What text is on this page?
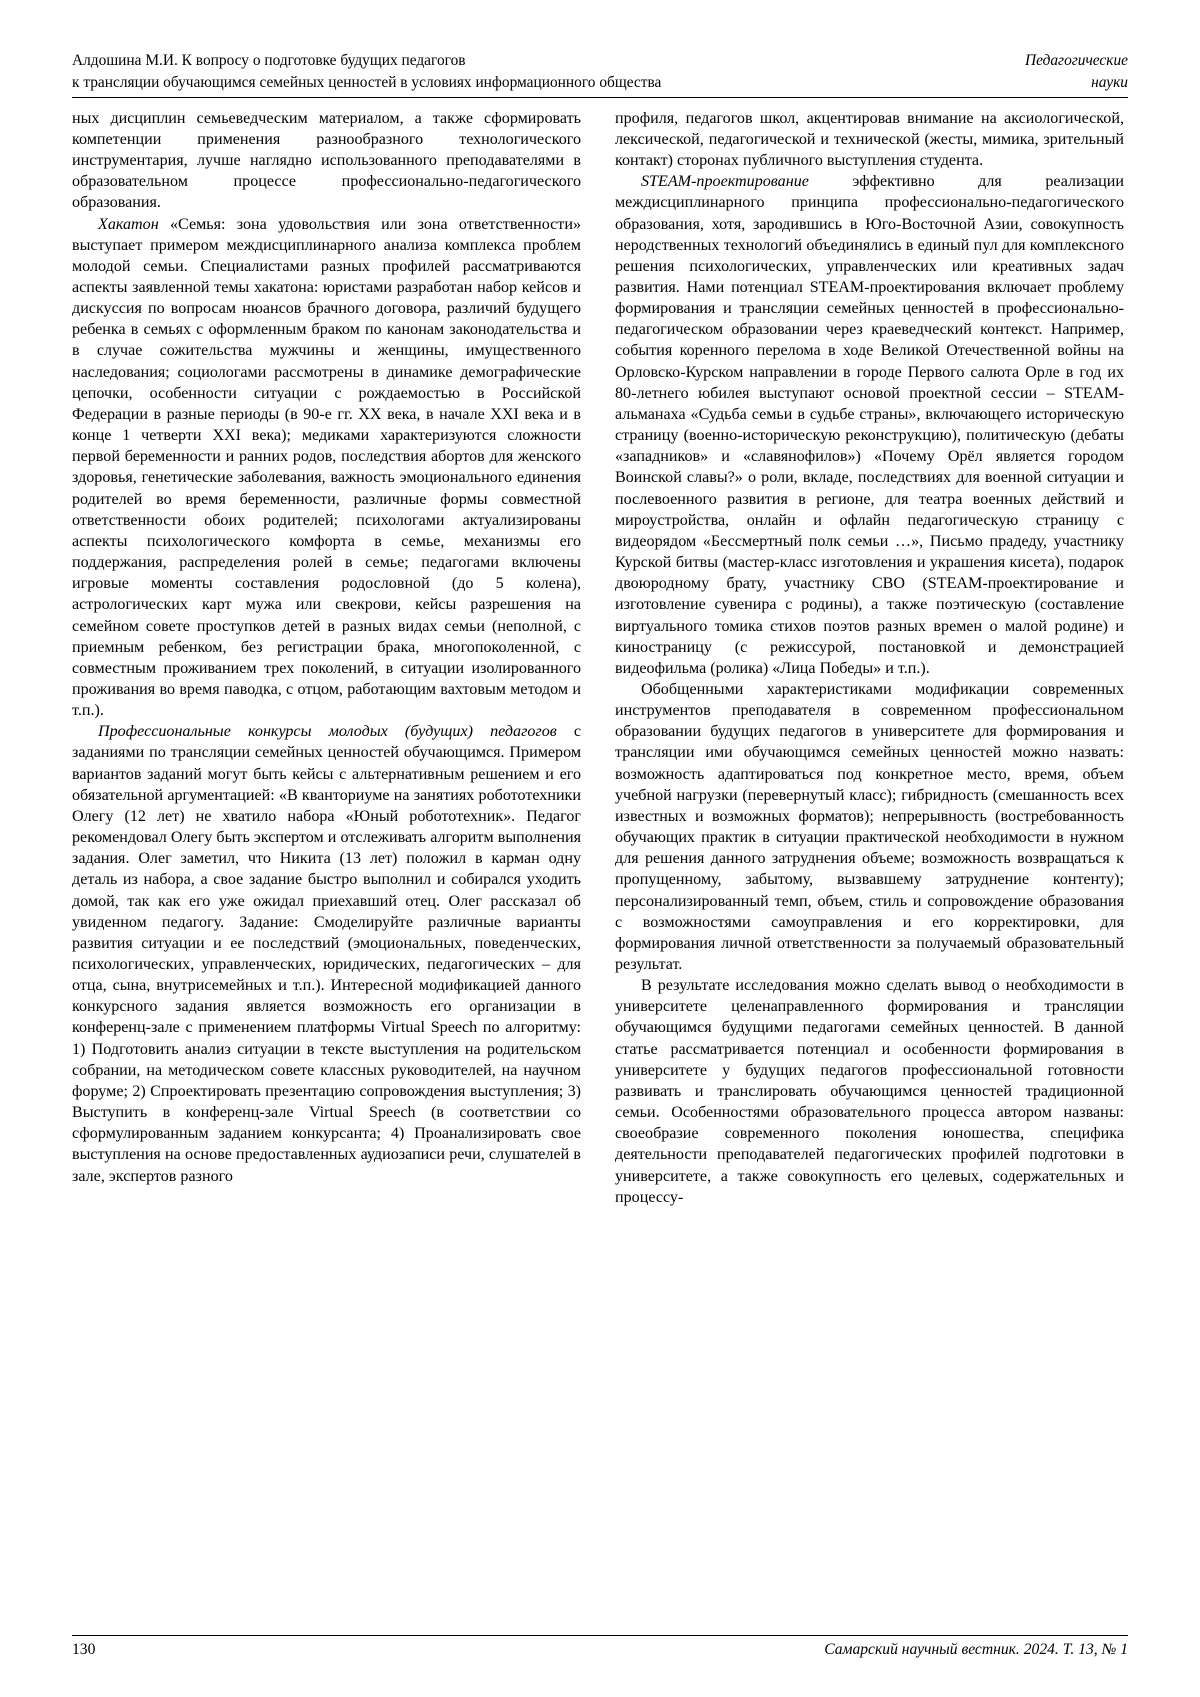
Алдошина М.И. К вопросу о подготовке будущих педагогов
к трансляции обучающимся семейных ценностей в условиях информационного общества
Педагогические
науки

ных дисциплин семьеведческим материалом, а также сформировать компетенции применения разнообразного технологического инструментария, лучше наглядно использованного преподавателями в образовательном процессе профессионально-педагогического образования.

Хакатон «Семья: зона удовольствия или зона ответственности» выступает примером междисциплинарного анализа комплекса проблем молодой семьи. Специалистами разных профилей рассматриваются аспекты заявленной темы хакатона: юристами разработан набор кейсов и дискуссия по вопросам нюансов брачного договора, различий будущего ребенка в семьях с оформленным браком по канонам законодательства и в случае сожительства мужчины и женщины, имущественного наследования; социологами рассмотрены в динамике демографические цепочки, особенности ситуации с рождаемостью в Российской Федерации в разные периоды (в 90-е гг. XX века, в начале XXI века и в конце 1 четверти XXI века); медиками характеризуются сложности первой беременности и ранних родов, последствия абортов для женского здоровья, генетические заболевания, важность эмоционального единения родителей во время беременности, различные формы совместной ответственности обоих родителей; психологами актуализированы аспекты психологического комфорта в семье, механизмы его поддержания, распределения ролей в семье; педагогами включены игровые моменты составления родословной (до 5 колена), астрологических карт мужа или свекрови, кейсы разрешения на семейном совете проступков детей в разных видах семьи (неполной, с приемным ребенком, без регистрации брака, многопоколенной, с совместным проживанием трех поколений, в ситуации изолированного проживания во время паводка, с отцом, работающим вахтовым методом и т.п.).

Профессиональные конкурсы молодых (будущих) педагогов с заданиями по трансляции семейных ценностей обучающимся. Примером вариантов заданий могут быть кейсы с альтернативным решением и его обязательной аргументацией: «В кванториуме на занятиях робототехники Олегу (12 лет) не хватило набора «Юный робототехник». Педагог рекомендовал Олегу быть экспертом и отслеживать алгоритм выполнения задания. Олег заметил, что Никита (13 лет) положил в карман одну деталь из набора, а свое задание быстро выполнил и собирался уходить домой, так как его уже ожидал приехавший отец. Олег рассказал об увиденном педагогу. Задание: Смоделируйте различные варианты развития ситуации и ее последствий (эмоциональных, поведенческих, психологических, управленческих, юридических, педагогических – для отца, сына, внутрисемейных и т.п.). Интересной модификацией данного конкурсного задания является возможность его организации в конференц-зале с применением платформы Virtual Speech по алгоритму: 1) Подготовить анализ ситуации в тексте выступления на родительском собрании, на методическом совете классных руководителей, на научном форуме; 2) Спроектировать презентацию сопровождения выступления; 3) Выступить в конференц-зале Virtual Speech (в соответствии со сформулированным заданием конкурсанта; 4) Проанализировать свое выступления на основе предоставленных аудиозаписи речи, слушателей в зале, экспертов разного

профиля, педагогов школ, акцентировав внимание на аксиологической, лексической, педагогической и технической (жесты, мимика, зрительный контакт) сторонах публичного выступления студента.

STEAM-проектирование эффективно для реализации междисциплинарного принципа профессионально-педагогического образования, хотя, зародившись в Юго-Восточной Азии, совокупность неродственных технологий объединялись в единый пул для комплексного решения психологических, управленческих или креативных задач развития. Нами потенциал STEAM-проектирования включает проблему формирования и трансляции семейных ценностей в профессионально-педагогическом образовании через краеведческий контекст. Например, события коренного перелома в ходе Великой Отечественной войны на Орловско-Курском направлении в городе Первого салюта Орле в год их 80-летнего юбилея выступают основой проектной сессии – STEAM-альманаха «Судьба семьи в судьбе страны», включающего историческую страницу (военно-историческую реконструкцию), политическую (дебаты «западников» и «славянофилов») «Почему Орёл является городом Воинской славы?» о роли, вкладе, последствиях для военной ситуации и послевоенного развития в регионе, для театра военных действий и мироустройства, онлайн и офлайн педагогическую страницу с видеорядом «Бессмертный полк семьи …», Письмо прадеду, участнику Курской битвы (мастер-класс изготовления и украшения кисета), подарок двоюродному брату, участнику СВО (STEAM-проектирование и изготовление сувенира с родины), а также поэтическую (составление виртуального томика стихов поэтов разных времен о малой родине) и киностраницу (с режиссурой, постановкой и демонстрацией видеофильма (ролика) «Лица Победы» и т.п.).

Обобщенными характеристиками модификации современных инструментов преподавателя в современном профессиональном образовании будущих педагогов в университете для формирования и трансляции ими обучающимся семейных ценностей можно назвать: возможность адаптироваться под конкретное место, время, объем учебной нагрузки (перевернутый класс); гибридность (смешанность всех известных и возможных форматов); непрерывность (востребованность обучающих практик в ситуации практической необходимости в нужном для решения данного затруднения объеме; возможность возвращаться к пропущенному, забытому, вызвавшему затруднение контенту); персонализированный темп, объем, стиль и сопровождение образования с возможностями самоуправления и его корректировки, для формирования личной ответственности за получаемый образовательный результат.

В результате исследования можно сделать вывод о необходимости в университете целенаправленного формирования и трансляции обучающимся будущими педагогами семейных ценностей. В данной статье рассматривается потенциал и особенности формирования в университете у будущих педагогов профессиональной готовности развивать и транслировать обучающимся ценностей традиционной семьи. Особенностями образовательного процесса автором названы: своеобразие современного поколения юношества, специфика деятельности преподавателей педагогических профилей подготовки в университете, а также совокупность его целевых, содержательных и процессу-

130	Самарский научный вестник. 2024. Т. 13, № 1
